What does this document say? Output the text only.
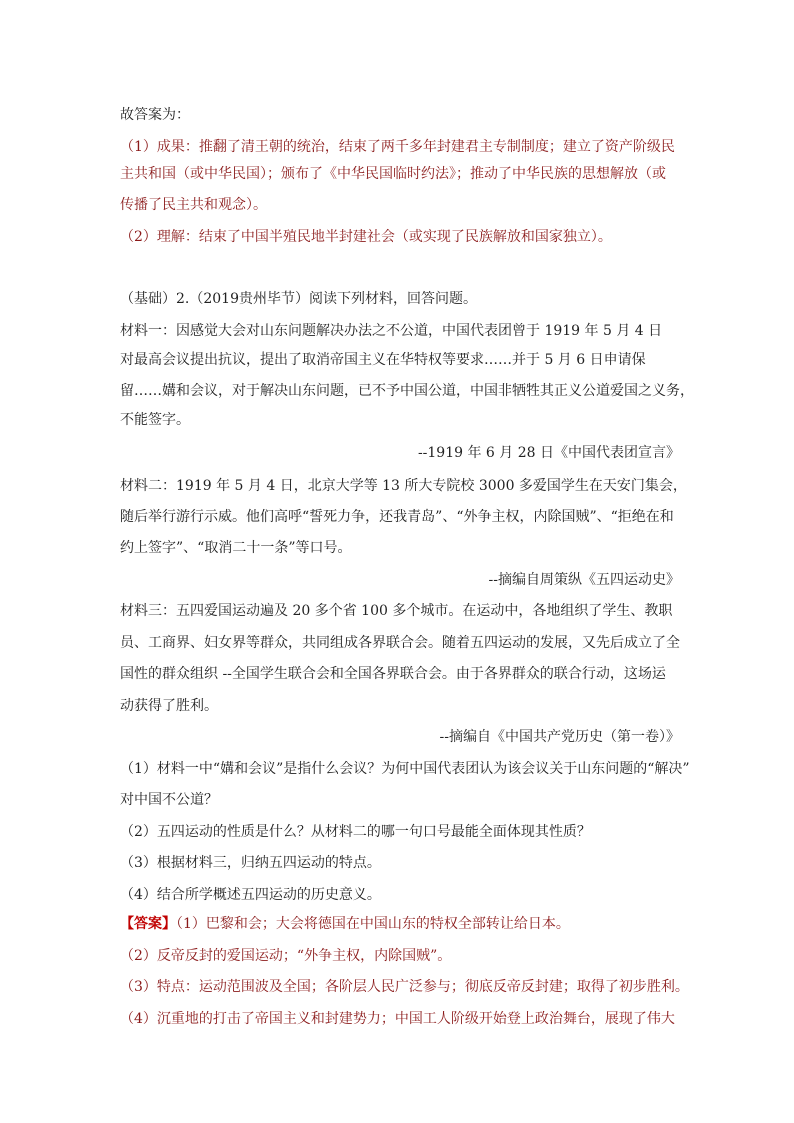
故答案为：
（1）成果：推翻了清王朝的统治，结束了两千多年封建君主专制制度；建立了资产阶级民
主共和国（或中华民国）；颁布了《中华民国临时约法》；推动了中华民族的思想解放（或
传播了民主共和观念）。
（2）理解：结束了中国半殖民地半封建社会（或实现了民族解放和国家独立）。
（基础）2.（2019贵州毕节）阅读下列材料，回答问题。
材料一：因感觉大会对山东问题解决办法之不公道，中国代表团曾于 1919 年 5 月 4 日
对最高会议提出抗议，提出了取消帝国主义在华特权等要求……并于 5 月 6 日申请保
留……媾和会议，对于解决山东问题，已不予中国公道，中国非牺牲其正义公道爱国之义务，
不能签字。
--1919 年 6 月 28 日《中国代表团宣言》
材料二：1919 年 5 月 4 日，北京大学等 13 所大专院校 3000 多爱国学生在天安门集会，
随后举行游行示威。他们高呼“誓死力争，还我青岛”、“外争主权，内除国贼”、“拒绝在和
约上签字”、“取消二十一条”等口号。
--摘编自周策纵《五四运动史》
材料三：五四爱国运动遍及 20 多个省 100 多个城市。在运动中，各地组织了学生、教职
员、工商界、妇女界等群众，共同组成各界联合会。随着五四运动的发展，又先后成立了全
国性的群众组织 --全国学生联合会和全国各界联合会。由于各界群众的联合行动，这场运
动获得了胜利。
--摘编自《中国共产党历史（第一卷）》
（1）材料一中“媾和会议”是指什么会议？为何中国代表团认为该会议关于山东问题的“解决”
对中国不公道？
（2）五四运动的性质是什么？从材料二的哪一句口号最能全面体现其性质？
（3）根据材料三，归纳五四运动的特点。
（4）结合所学概述五四运动的历史意义。
【答案】（1）巴黎和会；大会将德国在中国山东的特权全部转让给日本。
（2）反帝反封的爱国运动；“外争主权，内除国贼”。
（3）特点：运动范围波及全国；各阶层人民广泛参与；彻底反帝反封建；取得了初步胜利。
（4）沉重地的打击了帝国主义和封建势力；中国工人阶级开始登上政治舞台，展现了伟大
